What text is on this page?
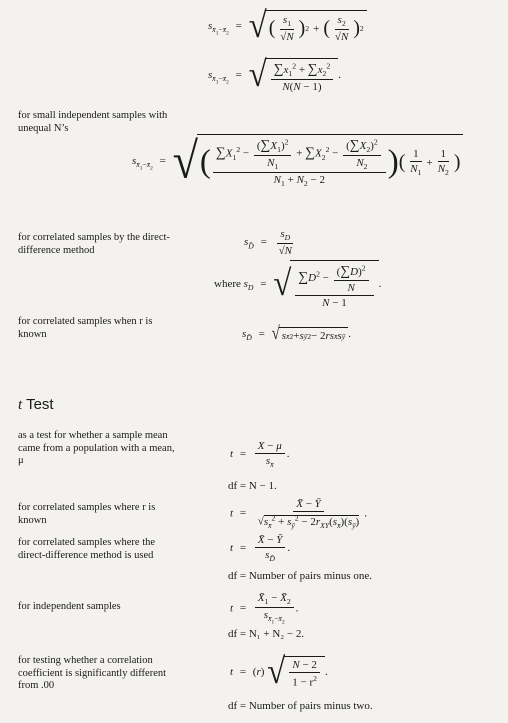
$s_{x̄_1-x̄_2}$ = √ ( $\frac{s_1}{√N}$ ) 2 + ( $\frac{s_2}{√N}$ ) 2
$s_{x̄_1-x̄_2}$ = √ $\frac{\sum x_1^2 + \sum x_2^2}{N(N - 1)}$ .
for small independent samples with unequal N’s
$s_{x̄_1-x̄_2}$ = √ ( $\sum X_1^2 - \frac{(\sum X_1)^2}{N_1} + \sum X_2^2 - \frac{(\sum X_2)^2}{N_2}$
$N_1 + N_2 - 2$
) ( $\frac{1}{N_1} + \frac{1}{N_2}$ )
for correlated samples by the direct-difference method
$s_{D̄} = \frac{s_D}{√N}$
where $s_D$ = √ $\frac{\sum D^2 - \frac{(\sum D)^2}{N}}{N - 1}$ .
for correlated samples when r is known	$s_{D̄}$ = √ s x̄ 2 + s ȳ 2 − 2 rs x̄ s ȳ .
t Test
as a test for whether a sample mean came from a population with a mean, μ
$t = \frac{X - \mu}{s_{x̄}}$ .
df = N − 1.
for correlated samples where r is known
$t = \frac{X̄ - Ȳ}{√s_{x̄}^2 + s_ȳ^2 - 2r_{XY}(s_{x̄})(s_ȳ)}$ .
for correlated samples where the direct-difference method is used
$t = \frac{X̄ - Ȳ}{s_{D̄}}$ .
df = Number of pairs minus one.
for independent samples	$t = \frac{X̄_1 - X̄_2}{s_{x̄_1-x̄_2}}$ .
df = N₁ + N₂ − 2.
for testing whether a correlation coefficient is significantly different from .00
t = (r) √ $\frac{N - 2}{1 - r^2}$ .
df = Number of pairs minus two.
